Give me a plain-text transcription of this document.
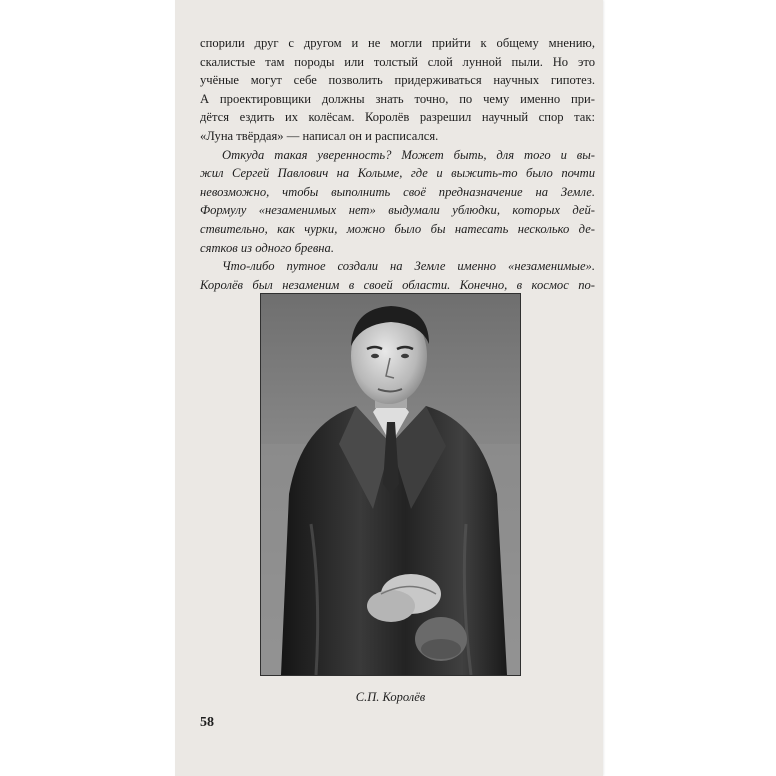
спорили друг с другом и не могли прийти к общему мнению,
скалистые там породы или толстый слой лунной пыли. Но это
учёные могут себе позволить придерживаться научных гипотез.
А проектировщики должны знать точно, по чему именно при-
дётся ездить их колёсам. Королёв разрешил научный спор так:
«Луна твёрдая» — написал он и расписался.

Откуда такая уверенность? Может быть, для того и вы-
жил Сергей Павлович на Колыме, где и выжить-то было почти
невозможно, чтобы выполнить своё предназначение на Земле.
Формулу «незаменимых нет» выдумали ублюдки, которых дей-
ствительно, как чурки, можно было бы натесать несколько де-
сятков из одного бревна.

Что-либо путное создали на Земле именно «незаменимые».
Королёв был незаменим в своей области. Конечно, в космос по-

С.П. Королёв
58
